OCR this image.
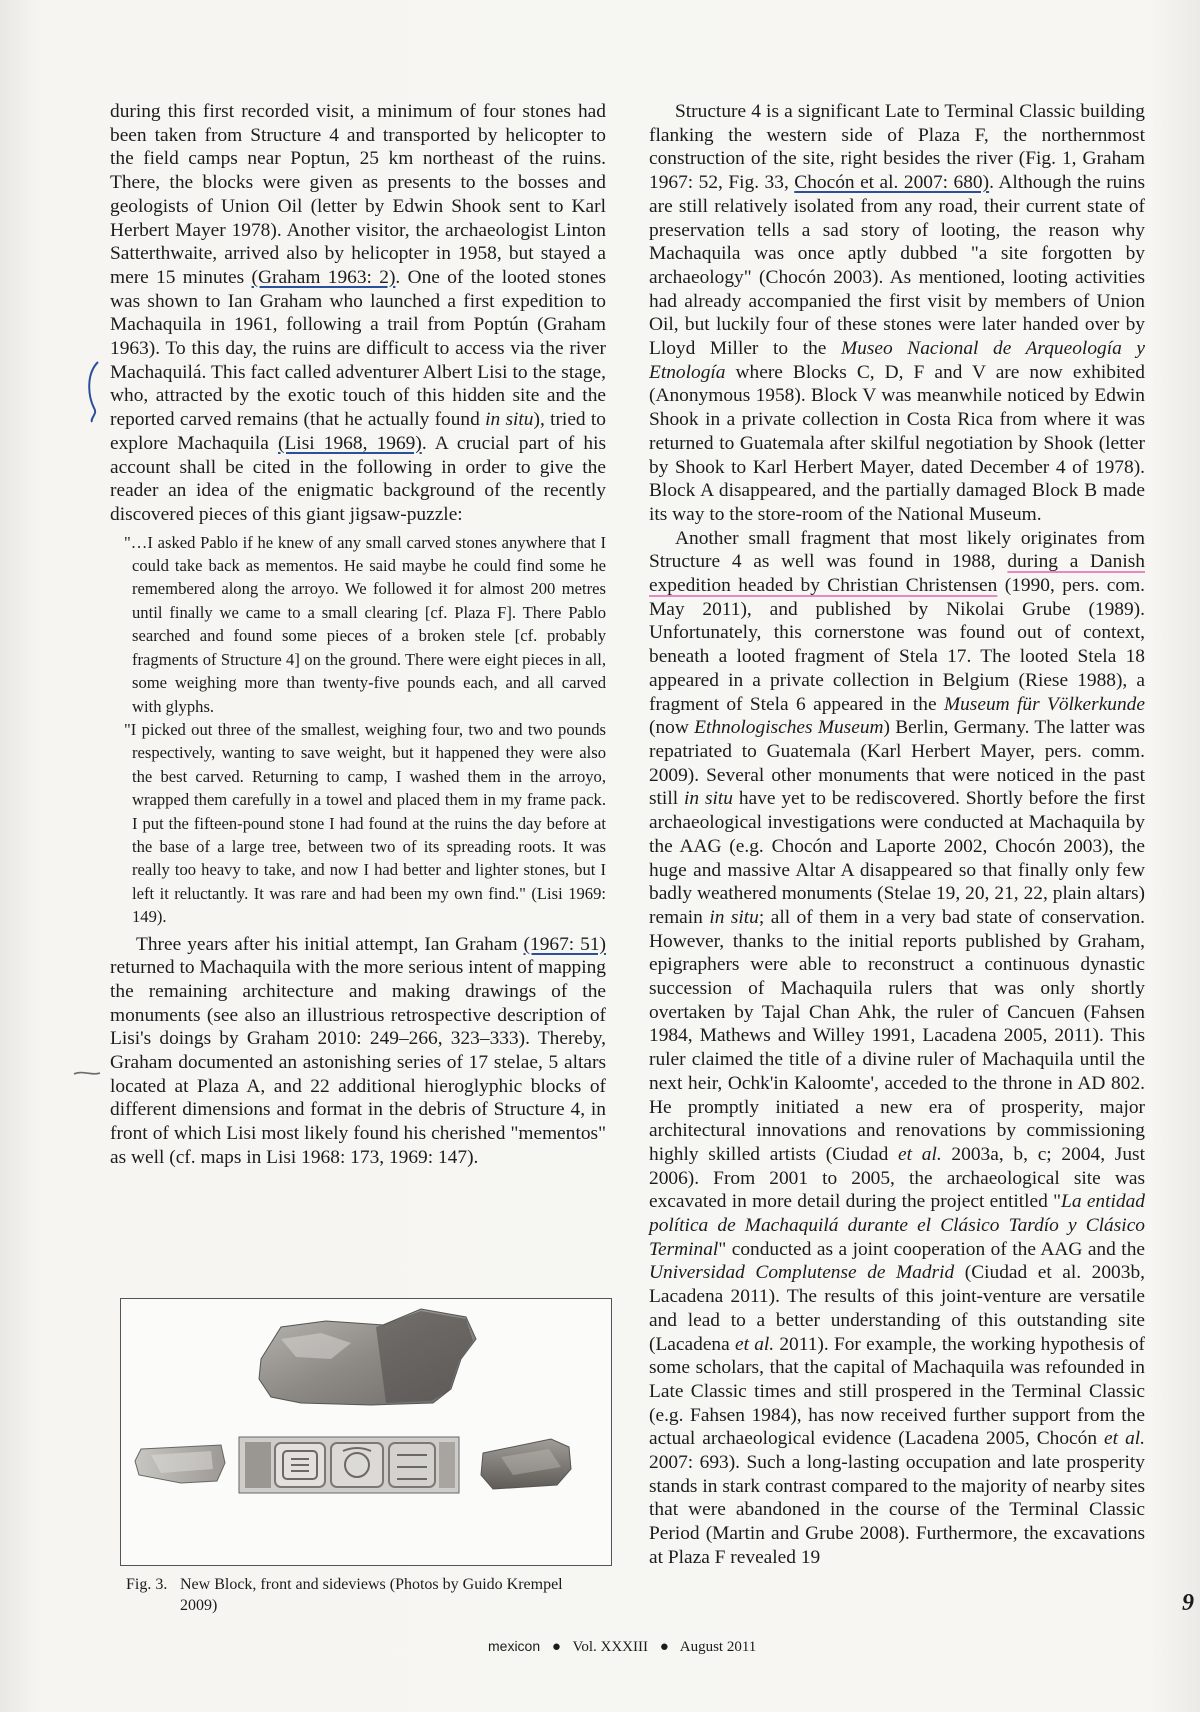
during this first recorded visit, a minimum of four stones had been taken from Structure 4 and transported by helicopter to the field camps near Poptun, 25 km northeast of the ruins. There, the blocks were given as presents to the bosses and geologists of Union Oil (letter by Edwin Shook sent to Karl Herbert Mayer 1978). Another visitor, the archaeologist Linton Satterthwaite, arrived also by helicopter in 1958, but stayed a mere 15 minutes (Graham 1963: 2). One of the looted stones was shown to Ian Graham who launched a first expedition to Machaquila in 1961, following a trail from Poptún (Graham 1963). To this day, the ruins are difficult to access via the river Machaquilá. This fact called adventurer Albert Lisi to the stage, who, attracted by the exotic touch of this hidden site and the reported carved remains (that he actually found in situ), tried to explore Machaquila (Lisi 1968, 1969). A crucial part of his account shall be cited in the following in order to give the reader an idea of the enigmatic background of the recently discovered pieces of this giant jigsaw-puzzle:

"…I asked Pablo if he knew of any small carved stones anywhere that I could take back as mementos. He said maybe he could find some he remembered along the arroyo. We followed it for almost 200 metres until finally we came to a small clearing [cf. Plaza F]. There Pablo searched and found some pieces of a broken stele [cf. probably fragments of Structure 4] on the ground. There were eight pieces in all, some weighing more than twenty-five pounds each, and all carved with glyphs.

"I picked out three of the smallest, weighing four, two and two pounds respectively, wanting to save weight, but it happened they were also the best carved. Returning to camp, I washed them in the arroyo, wrapped them carefully in a towel and placed them in my frame pack. I put the fifteen-pound stone I had found at the ruins the day before at the base of a large tree, between two of its spreading roots. It was really too heavy to take, and now I had better and lighter stones, but I left it reluctantly. It was rare and had been my own find." (Lisi 1969: 149).

Three years after his initial attempt, Ian Graham (1967: 51) returned to Machaquila with the more serious intent of mapping the remaining architecture and making drawings of the monuments (see also an illustrious retrospective description of Lisi's doings by Graham 2010: 249–266, 323–333). Thereby, Graham documented an astonishing series of 17 stelae, 5 altars located at Plaza A, and 22 additional hieroglyphic blocks of different dimensions and format in the debris of Structure 4, in front of which Lisi most likely found his cherished "mementos" as well (cf. maps in Lisi 1968: 173, 1969: 147).

Structure 4 is a significant Late to Terminal Classic building flanking the western side of Plaza F, the northernmost construction of the site, right besides the river (Fig. 1, Graham 1967: 52, Fig. 33, Chocón et al. 2007: 680). Although the ruins are still relatively isolated from any road, their current state of preservation tells a sad story of looting, the reason why Machaquila was once aptly dubbed "a site forgotten by archaeology" (Chocón 2003). As mentioned, looting activities had already accompanied the first visit by members of Union Oil, but luckily four of these stones were later handed over by Lloyd Miller to the Museo Nacional de Arqueología y Etnología where Blocks C, D, F and V are now exhibited (Anonymous 1958). Block V was meanwhile noticed by Edwin Shook in a private collection in Costa Rica from where it was returned to Guatemala after skilful negotiation by Shook (letter by Shook to Karl Herbert Mayer, dated December 4 of 1978). Block A disappeared, and the partially damaged Block B made its way to the store-room of the National Museum.

Another small fragment that most likely originates from Structure 4 as well was found in 1988, during a Danish expedition headed by Christian Christensen (1990, pers. com. May 2011), and published by Nikolai Grube (1989). Unfortunately, this cornerstone was found out of context, beneath a looted fragment of Stela 17. The looted Stela 18 appeared in a private collection in Belgium (Riese 1988), a fragment of Stela 6 appeared in the Museum für Völkerkunde (now Ethnologisches Museum) Berlin, Germany. The latter was repatriated to Guatemala (Karl Herbert Mayer, pers. comm. 2009). Several other monuments that were noticed in the past still in situ have yet to be rediscovered. Shortly before the first archaeological investigations were conducted at Machaquila by the AAG (e.g. Chocón and Laporte 2002, Chocón 2003), the huge and massive Altar A disappeared so that finally only few badly weathered monuments (Stelae 19, 20, 21, 22, plain altars) remain in situ; all of them in a very bad state of conservation. However, thanks to the initial reports published by Graham, epigraphers were able to reconstruct a continuous dynastic succession of Machaquila rulers that was only shortly overtaken by Tajal Chan Ahk, the ruler of Cancuen (Fahsen 1984, Mathews and Willey 1991, Lacadena 2005, 2011). This ruler claimed the title of a divine ruler of Machaquila until the next heir, Ochk'in Kaloomte', acceded to the throne in AD 802. He promptly initiated a new era of prosperity, major architectural innovations and renovations by commissioning highly skilled artists (Ciudad et al. 2003a, b, c; 2004, Just 2006). From 2001 to 2005, the archaeological site was excavated in more detail during the project entitled "La entidad política de Machaquilá durante el Clásico Tardío y Clásico Terminal" conducted as a joint cooperation of the AAG and the Universidad Complutense de Madrid (Ciudad et al. 2003b, Lacadena 2011). The results of this joint-venture are versatile and lead to a better understanding of this outstanding site (Lacadena et al. 2011). For example, the working hypothesis of some scholars, that the capital of Machaquila was refounded in Late Classic times and still prospered in the Terminal Classic (e.g. Fahsen 1984), has now received further support from the actual archaeological evidence (Lacadena 2005, Chocón et al. 2007: 693). Such a long-lasting occupation and late prosperity stands in stark contrast compared to the majority of nearby sites that were abandoned in the course of the Terminal Classic Period (Martin and Grube 2008). Furthermore, the excavations at Plaza F revealed 19

Fig. 3. New Block, front and sideviews (Photos by Guido Krempel
2009)
mexicon ● Vol. XXXIII ● August 2011
9
